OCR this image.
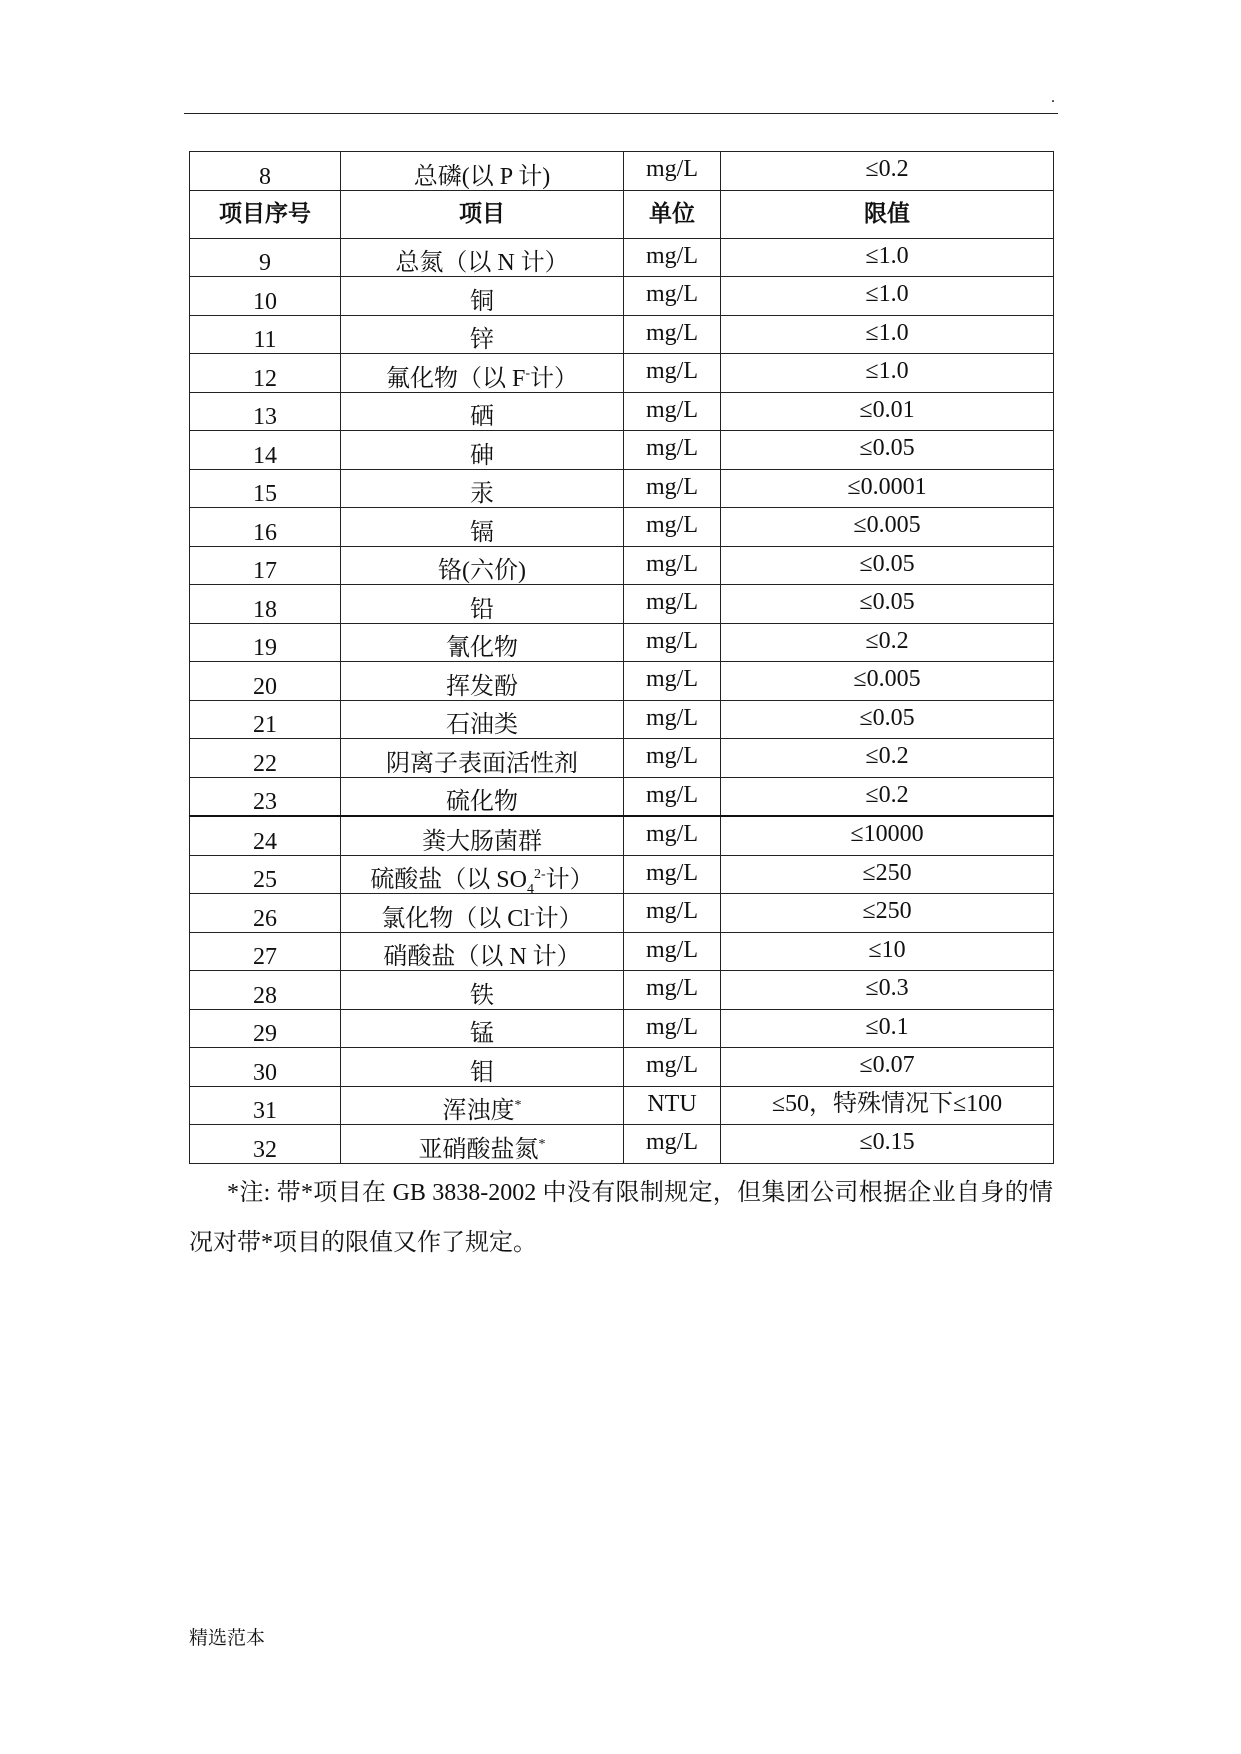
.
8	总磷(以 P 计)	mg/L	≤0.2
项目序号	项目	单位	限值
9	总氮（以 N 计）	mg/L	≤1.0
10	铜	mg/L	≤1.0
11	锌	mg/L	≤1.0
12	氟化物（以 F-计）	mg/L	≤1.0
13	硒	mg/L	≤0.01
14	砷	mg/L	≤0.05
15	汞	mg/L	≤0.0001
16	镉	mg/L	≤0.005
17	铬(六价)	mg/L	≤0.05
18	铅	mg/L	≤0.05
19	氰化物	mg/L	≤0.2
20	挥发酚	mg/L	≤0.005
21	石油类	mg/L	≤0.05
22	阴离子表面活性剂	mg/L	≤0.2
23	硫化物	mg/L	≤0.2
24	粪大肠菌群	mg/L	≤10000
25	硫酸盐（以 $SO_4^{2-}$计）	mg/L	≤250
26	氯化物（以 Cl-计）	mg/L	≤250
27	硝酸盐（以 N 计）	mg/L	≤10
28	铁	mg/L	≤0.3
29	锰	mg/L	≤0.1
30	钼	mg/L	≤0.07
31	浑浊度*	NTU	≤50，特殊情况下≤100
32	亚硝酸盐氮*	mg/L	≤0.15
*注: 带*项目在 GB 3838-2002 中没有限制规定，但集团公司根据企业自身的情况对带*项目的限值又作了规定。
精选范本
